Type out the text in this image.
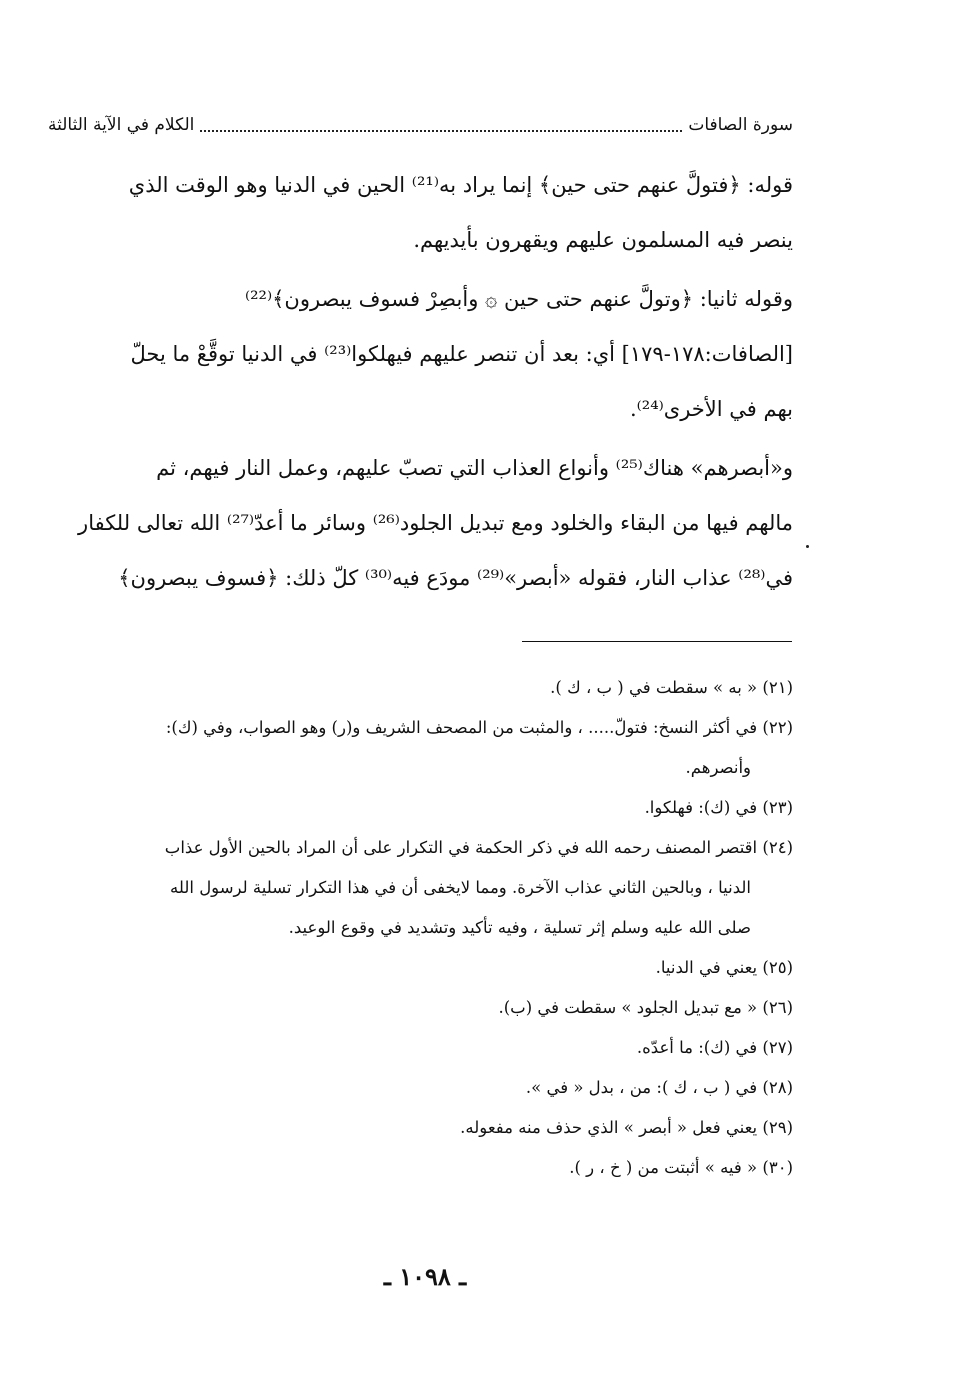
سورة الصافات
الكلام في الآية الثالثة
قوله: ﴿فتولَّ عنهم حتى حين﴾ إنما يراد به⁽²¹⁾ الحين في الدنيا وهو الوقت الذي
ينصر فيه المسلمون عليهم ويقهرون بأيديهم.
وقوله ثانيا: ﴿وتولَّ عنهم حتى حين ۞ وأبصِرْ فسوف يبصرون﴾⁽²²⁾
[الصافات:١٧٨-١٧٩] أي: بعد أن تنصر عليهم فيهلكوا⁽²³⁾ في الدنيا توقَّعْ ما يحلّ
بهم في الأخرى⁽²⁴⁾.
و«أبصرهم» هناك⁽²⁵⁾ وأنواع العذاب التي تصبّ عليهم، وعمل النار فيهم، ثم
مالهم فيها من البقاء والخلود ومع تبديل الجلود⁽²⁶⁾ وسائر ما أعدّ⁽²⁷⁾ الله تعالى للكفار
في⁽²⁸⁾ عذاب النار، فقوله «أبصر»⁽²⁹⁾ مودَع فيه⁽³⁰⁾ كلّ ذلك: ﴿فسوف يبصرون﴾
(٢١) « به » سقطت في ( ب ، ك ).
(٢٢) في أكثر النسخ: فتولّ..... ، والمثبت من المصحف الشريف و(ر) وهو الصواب، وفي (ك):
وأنصرهم.
(٢٣) في (ك): فهلكوا.
(٢٤) اقتصر المصنف رحمه الله في ذكر الحكمة في التكرار على أن المراد بالحين الأول عذاب
الدنيا ، وبالحين الثاني عذاب الآخرة. ومما لايخفى أن في هذا التكرار تسلية لرسول الله
صلى الله عليه وسلم إثر تسلية ، وفيه تأكيد وتشديد في وقوع الوعيد.
(٢٥) يعني في الدنيا.
(٢٦) « مع تبديل الجلود » سقطت في (ب).
(٢٧) في (ك): ما أعدّه.
(٢٨) في ( ب ، ك ): من ، بدل « في ».
(٢٩) يعني فعل « أبصر » الذي حذف منه مفعوله.
(٣٠) « فيه » أثبتت من ( خ ، ر ).
ـ ١٠٩٨ ـ
